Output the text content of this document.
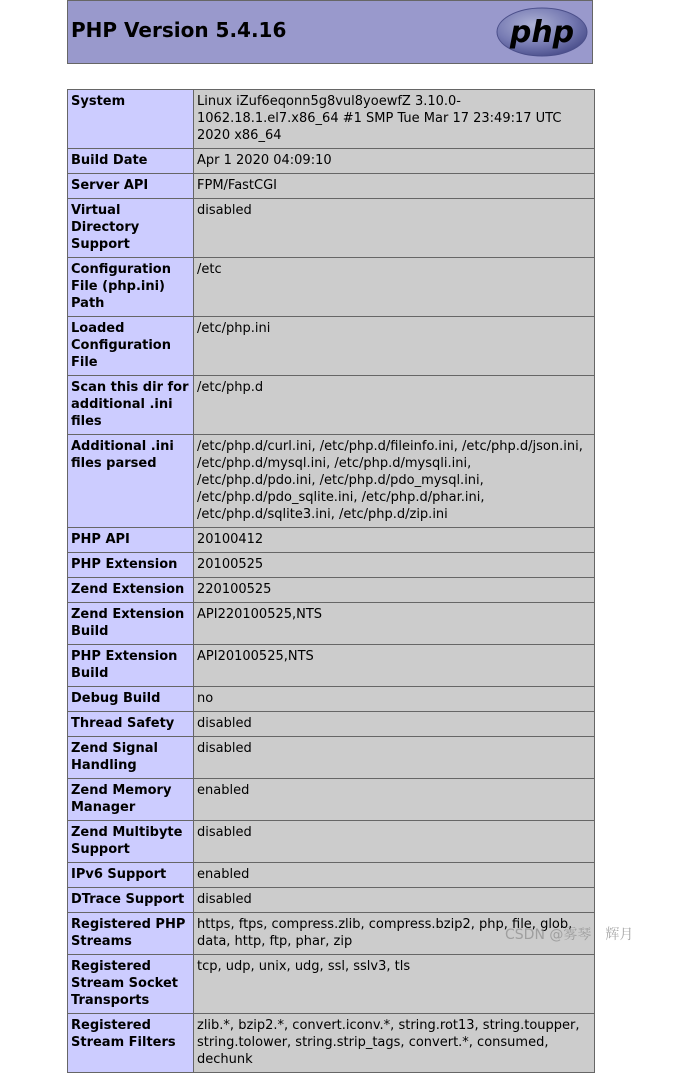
PHP Version 5.4.16	php
System	Linux iZuf6eqonn5g8vul8yoewfZ 3.10.0-1062.18.1.el7.x86_64 #1 SMP Tue Mar 17 23:49:17 UTC 2020 x86_64
Build Date	Apr 1 2020 04:09:10
Server API	FPM/FastCGI
Virtual Directory Support	disabled
Configuration File (php.ini) Path	/etc
Loaded Configuration File	/etc/php.ini
Scan this dir for additional .ini files	/etc/php.d
Additional .ini files parsed	/etc/php.d/curl.ini, /etc/php.d/fileinfo.ini, /etc/php.d/json.ini, /etc/php.d/mysql.ini, /etc/php.d/mysqli.ini, /etc/php.d/pdo.ini, /etc/php.d/pdo_mysql.ini, /etc/php.d/pdo_sqlite.ini, /etc/php.d/phar.ini, /etc/php.d/sqlite3.ini, /etc/php.d/zip.ini
PHP API	20100412
PHP Extension	20100525
Zend Extension	220100525
Zend Extension Build	API220100525,NTS
PHP Extension Build	API20100525,NTS
Debug Build	no
Thread Safety	disabled
Zend Signal Handling	disabled
Zend Memory Manager	enabled
Zend Multibyte Support	disabled
IPv6 Support	enabled
DTrace Support	disabled
Registered PHP Streams	https, ftps, compress.zlib, compress.bzip2, php, file, glob, data, http, ftp, phar, zip
Registered Stream Socket Transports	tcp, udp, unix, udg, ssl, sslv3, tls
Registered Stream Filters	zlib.*, bzip2.*, convert.iconv.*, string.rot13, string.toupper, string.tolower, string.strip_tags, convert.*, consumed, dechunk
CSDN @雾琴　辉月
